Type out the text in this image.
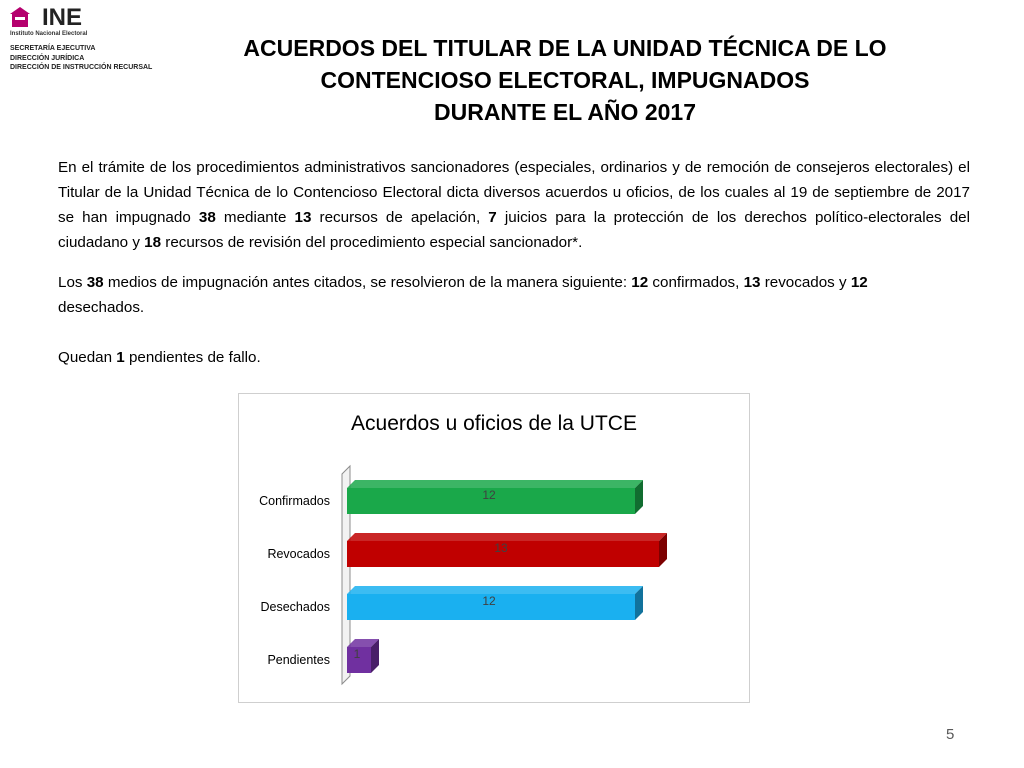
INE
Instituto Nacional Electoral
SECRETARÍA EJECUTIVA
DIRECCIÓN JURÍDICA
DIRECCIÓN DE INSTRUCCIÓN RECURSAL
ACUERDOS DEL TITULAR DE LA UNIDAD TÉCNICA DE LO
CONTENCIOSO ELECTORAL, IMPUGNADOS
DURANTE EL AÑO 2017
En el trámite de los procedimientos administrativos sancionadores (especiales, ordinarios y de remoción de consejeros electorales) el Titular de la Unidad Técnica de lo Contencioso Electoral dicta diversos acuerdos u oficios, de los cuales al 19 de septiembre de 2017 se han impugnado 38 mediante 13 recursos de apelación, 7 juicios para la protección de los derechos político-electorales del ciudadano y 18 recursos de revisión del procedimiento especial sancionador*.
Los 38 medios de impugnación antes citados, se resolvieron de la manera siguiente: 12 confirmados, 13 revocados y 12 desechados.
Quedan 1 pendientes de fallo.
Acuerdos u oficios de la UTCE
Confirmados	12
Revocados	13
Desechados	12
Pendientes 1
5
